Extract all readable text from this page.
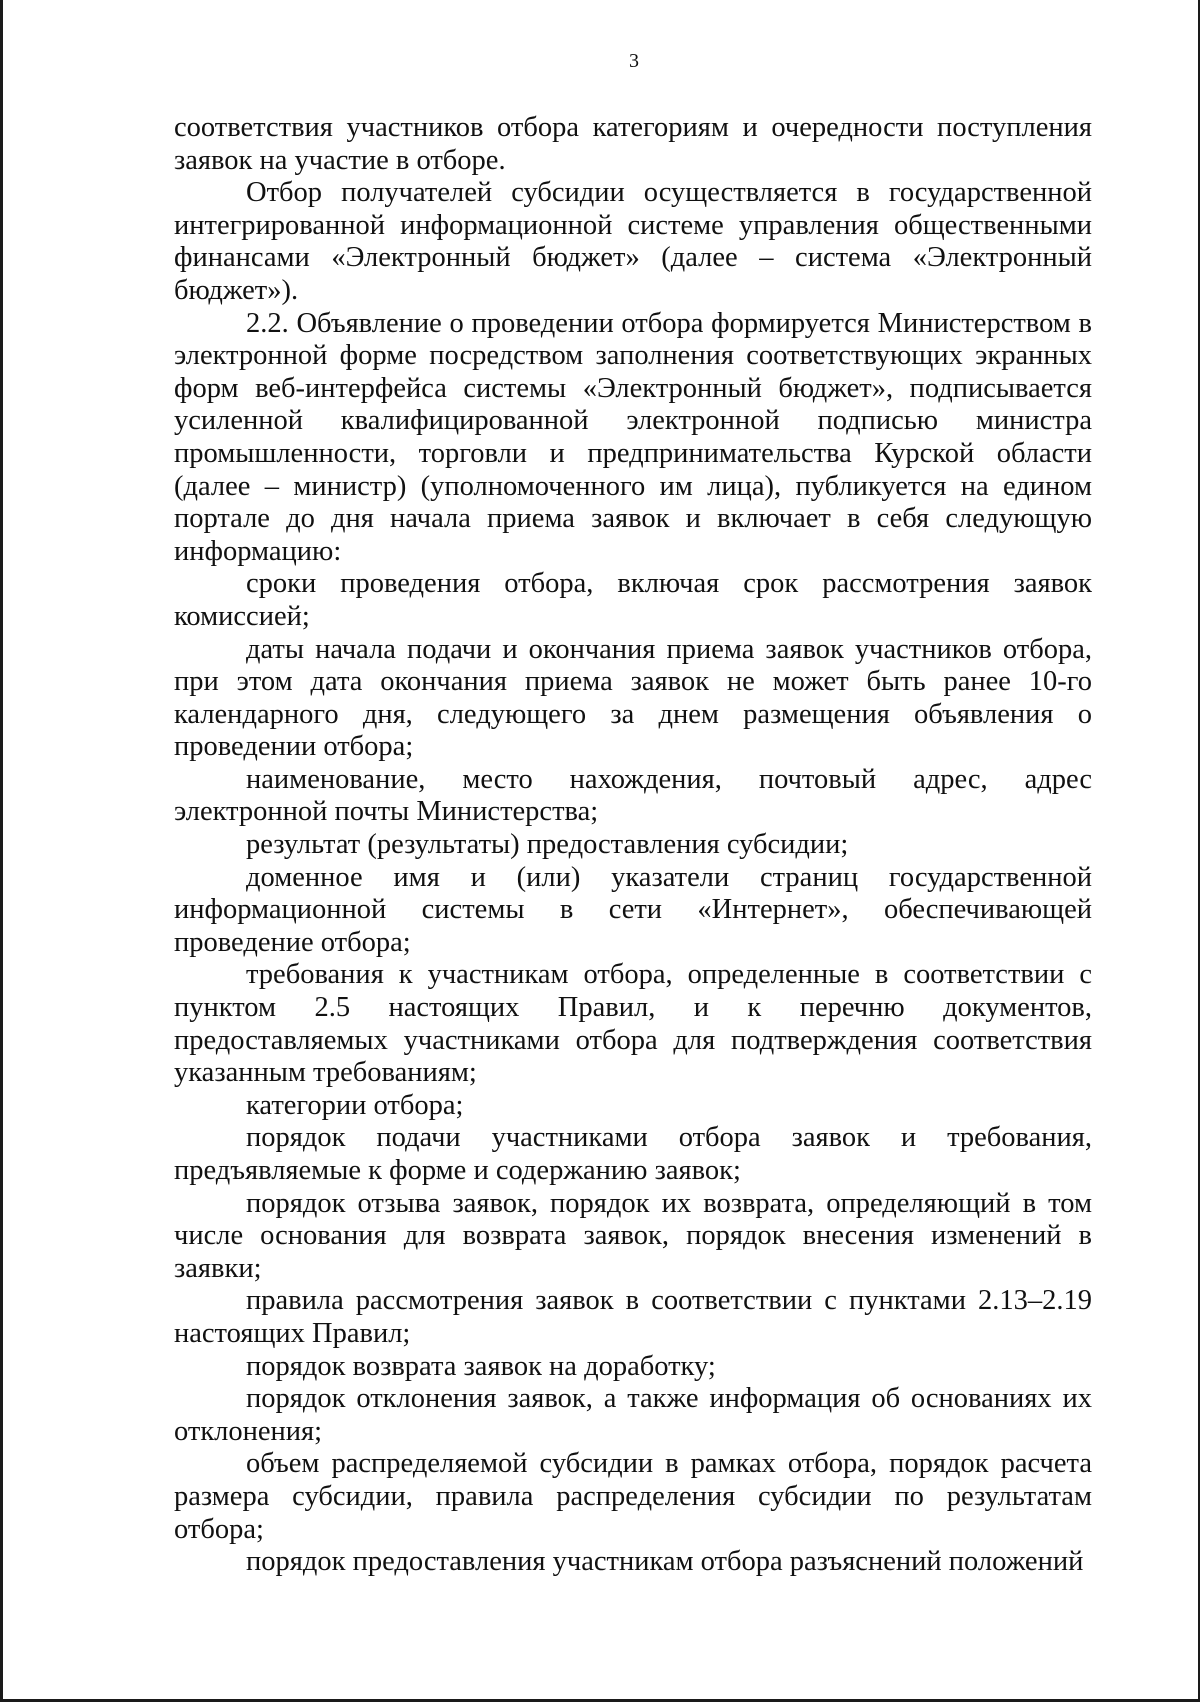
3

соответствия участников отбора категориям и очередности поступления заявок на участие в отборе.

Отбор получателей субсидии осуществляется в государственной интегрированной информационной системе управления общественными финансами «Электронный бюджет» (далее – система «Электронный бюджет»).

2.2. Объявление о проведении отбора формируется Министерством в электронной форме посредством заполнения соответствующих экранных форм веб-интерфейса системы «Электронный бюджет», подписывается усиленной квалифицированной электронной подписью министра промышленности, торговли и предпринимательства Курской области (далее – министр) (уполномоченного им лица), публикуется на едином портале до дня начала приема заявок и включает в себя следующую информацию:

сроки проведения отбора, включая срок рассмотрения заявок комиссией;

даты начала подачи и окончания приема заявок участников отбора, при этом дата окончания приема заявок не может быть ранее 10-го календарного дня, следующего за днем размещения объявления о проведении отбора;

наименование, место нахождения, почтовый адрес, адрес электронной почты Министерства;

результат (результаты) предоставления субсидии;

доменное имя и (или) указатели страниц государственной информационной системы в сети «Интернет», обеспечивающей проведение отбора;

требования к участникам отбора, определенные в соответствии с пунктом 2.5 настоящих Правил, и к перечню документов, предоставляемых участниками отбора для подтверждения соответствия указанным требованиям;

категории отбора;

порядок подачи участниками отбора заявок и требования, предъявляемые к форме и содержанию заявок;

порядок отзыва заявок, порядок их возврата, определяющий в том числе основания для возврата заявок, порядок внесения изменений в заявки;

правила рассмотрения заявок в соответствии с пунктами 2.13–2.19 настоящих Правил;

порядок возврата заявок на доработку;

порядок отклонения заявок, а также информация об основаниях их отклонения;

объем распределяемой субсидии в рамках отбора, порядок расчета размера субсидии, правила распределения субсидии по результатам отбора;

порядок предоставления участникам отбора разъяснений положений
